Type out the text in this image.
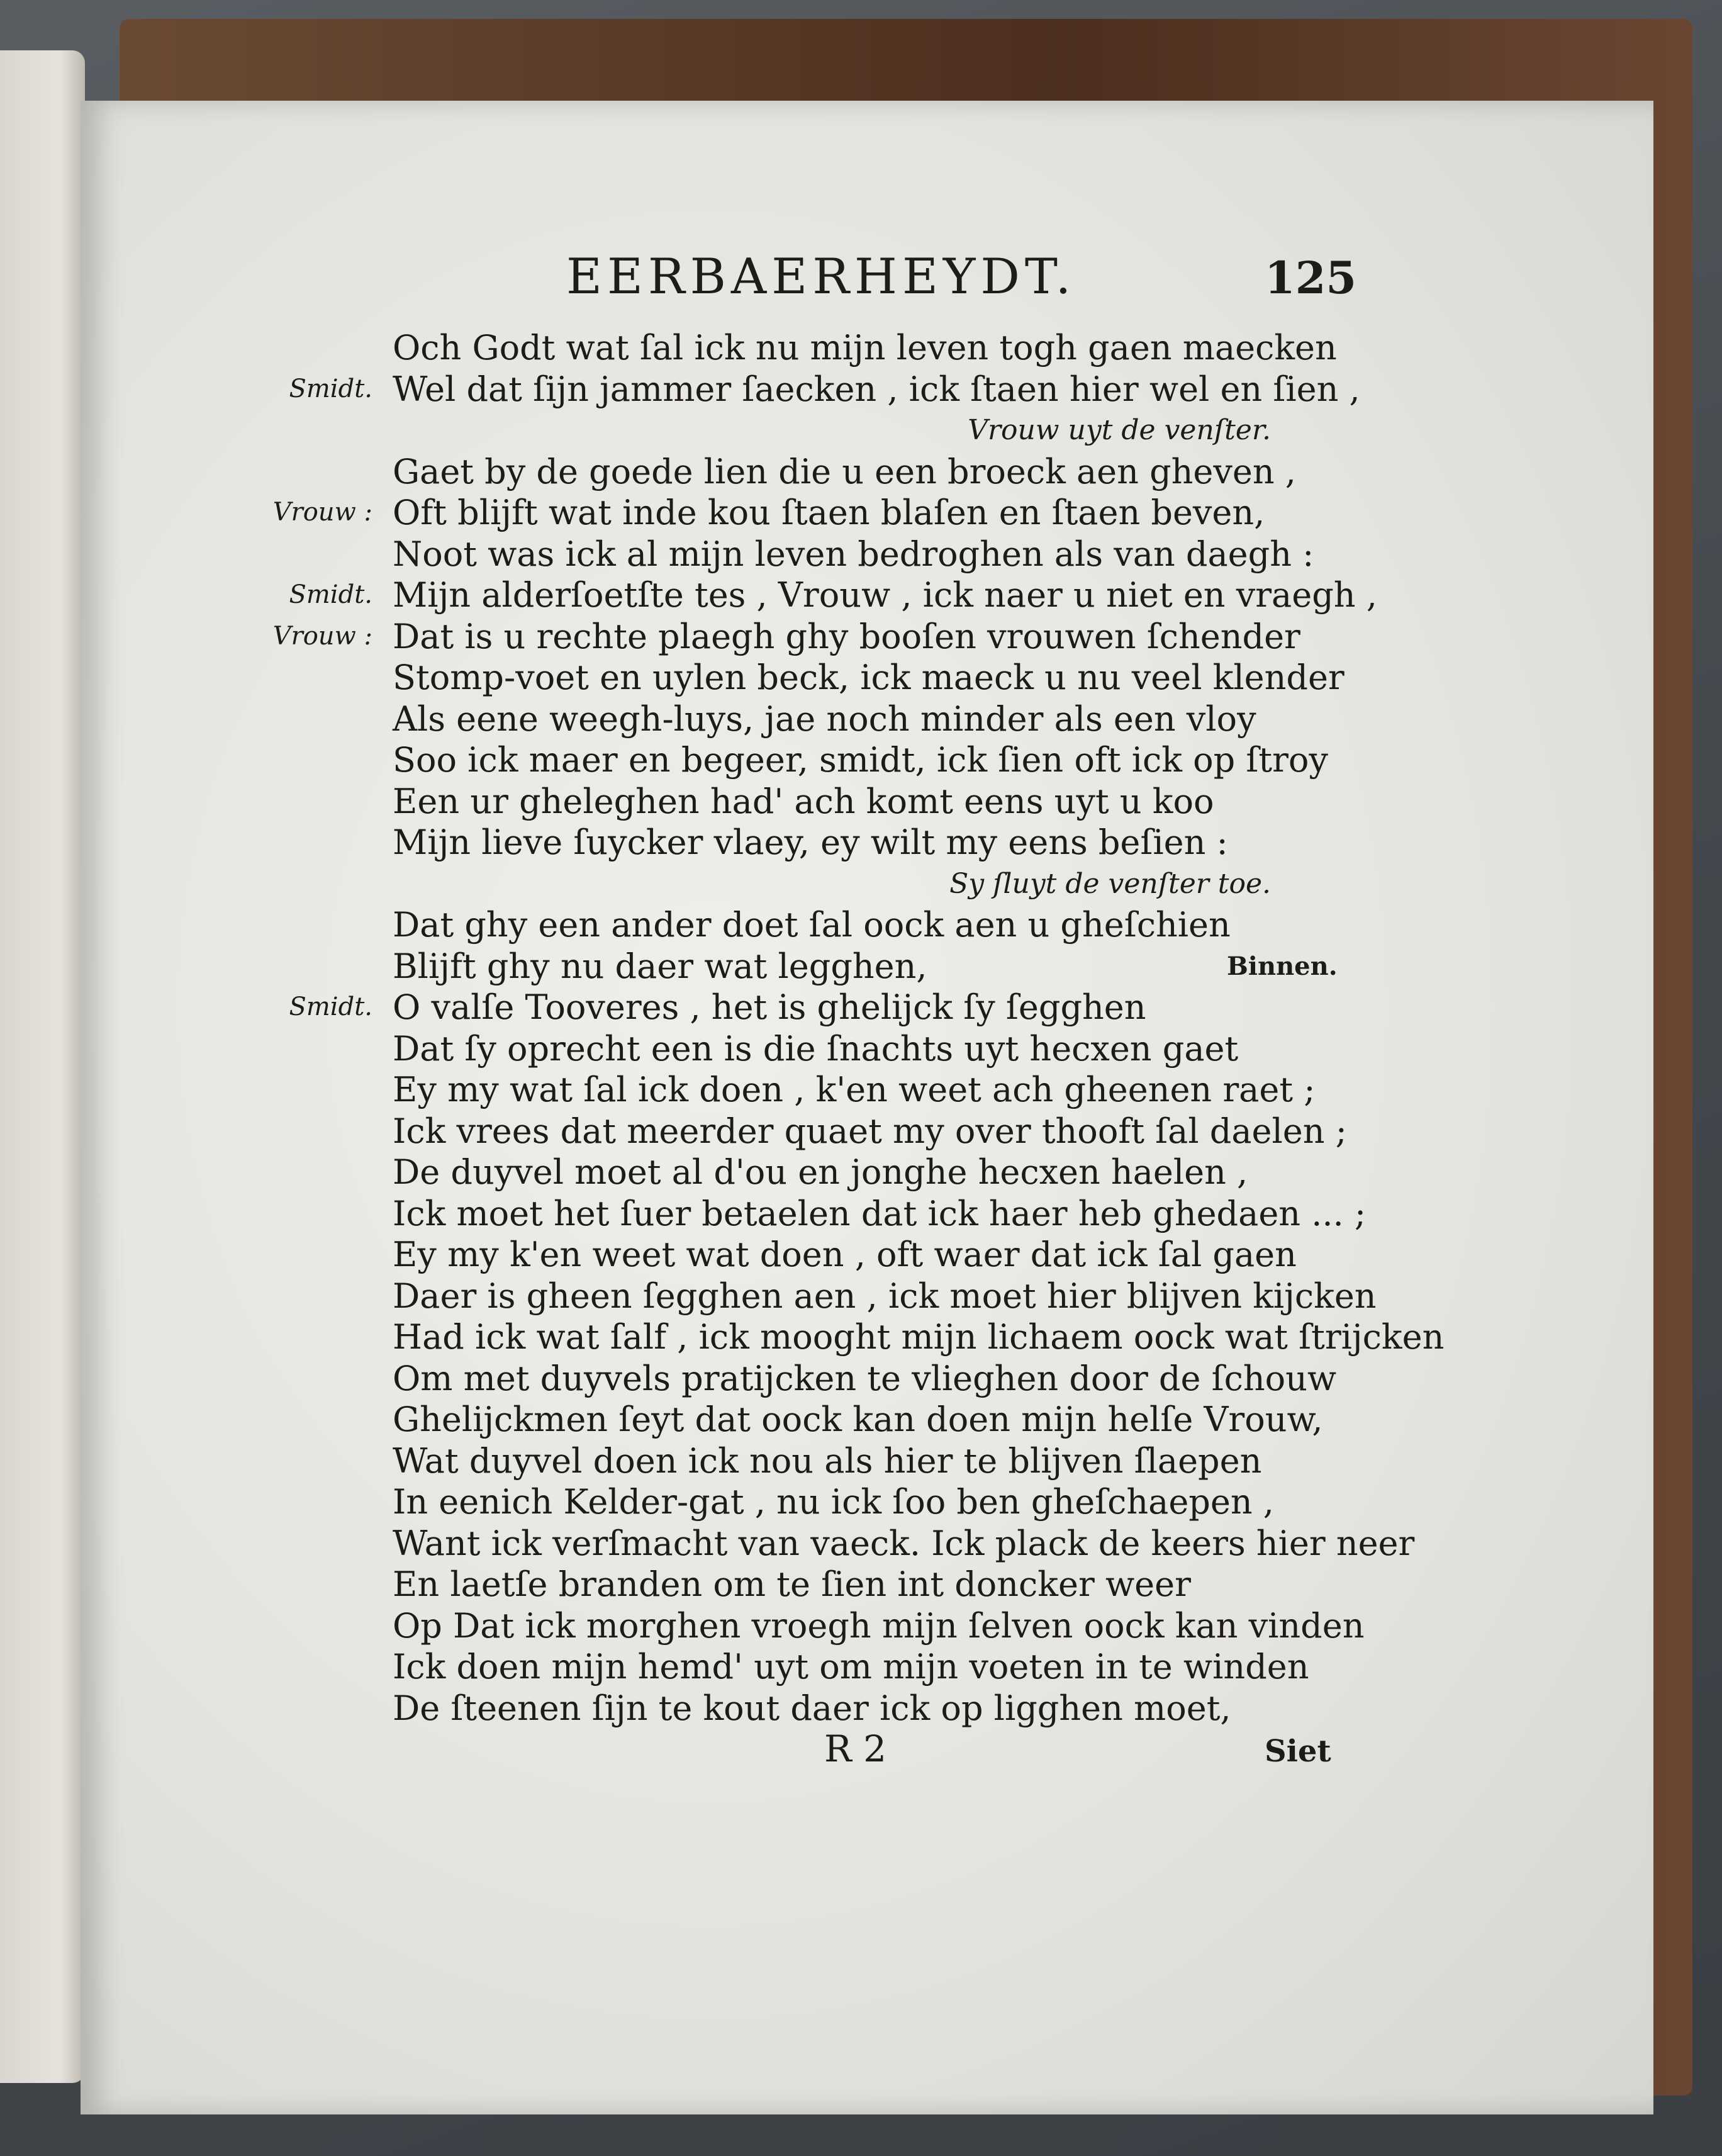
EERBAERHEYDT.	125
Och Godt wat ſal ick nu mijn leven togh gaen maecken
Smidt. Wel dat ſijn jammer ſaecken , ick ſtaen hier wel en ſien ,
Vrouw uyt de venſter.
Gaet by de goede lien die u een broeck aen gheven ,
Vrouw : Oft blijft wat inde kou ſtaen blaſen en ſtaen beven,
Noot was ick al mijn leven bedroghen als van daegh :
Smidt. Mijn alderſoetſte tes , Vrouw , ick naer u niet en vraegh ,
Vrouw : Dat is u rechte plaegh ghy booſen vrouwen ſchender
Stomp-voet en uylen beck, ick maeck u nu veel klender
Als eene weegh-luys, jae noch minder als een vloy
Soo ick maer en begeer, smidt, ick ſien oft ick op ſtroy
Een ur gheleghen had' ach komt eens uyt u koo
Mijn lieve ſuycker vlaey, ey wilt my eens beſien :
Sy ſluyt de venſter toe.
Dat ghy een ander doet ſal oock aen u gheſchien
Blijft ghy nu daer wat legghen,	Binnen.
Smidt. O valſe Tooveres , het is ghelijck ſy ſegghen
Dat ſy oprecht een is die ſnachts uyt hecxen gaet
Ey my wat ſal ick doen , k'en weet ach gheenen raet ;
Ick vrees dat meerder quaet my over thooft ſal daelen ;
De duyvel moet al d'ou en jonghe hecxen haelen ,
Ick moet het ſuer betaelen dat ick haer heb ghedaen ... ;
Ey my k'en weet wat doen , oft waer dat ick ſal gaen
Daer is gheen ſegghen aen , ick moet hier blijven kijcken
Had ick wat ſalf , ick mooght mijn lichaem oock wat ſtrijcken
Om met duyvels pratijcken te vlieghen door de ſchouw
Ghelijckmen ſeyt dat oock kan doen mijn helſe Vrouw,
Wat duyvel doen ick nou als hier te blijven ſlaepen
In eenich Kelder-gat , nu ick ſoo ben gheſchaepen ,
Want ick verſmacht van vaeck. Ick plack de keers hier neer
En laetſe branden om te ſien int doncker weer
Op Dat ick morghen vroegh mijn ſelven oock kan vinden
Ick doen mijn hemd' uyt om mijn voeten in te winden
De ſteenen ſijn te kout daer ick op ligghen moet,
R 2	Siet
